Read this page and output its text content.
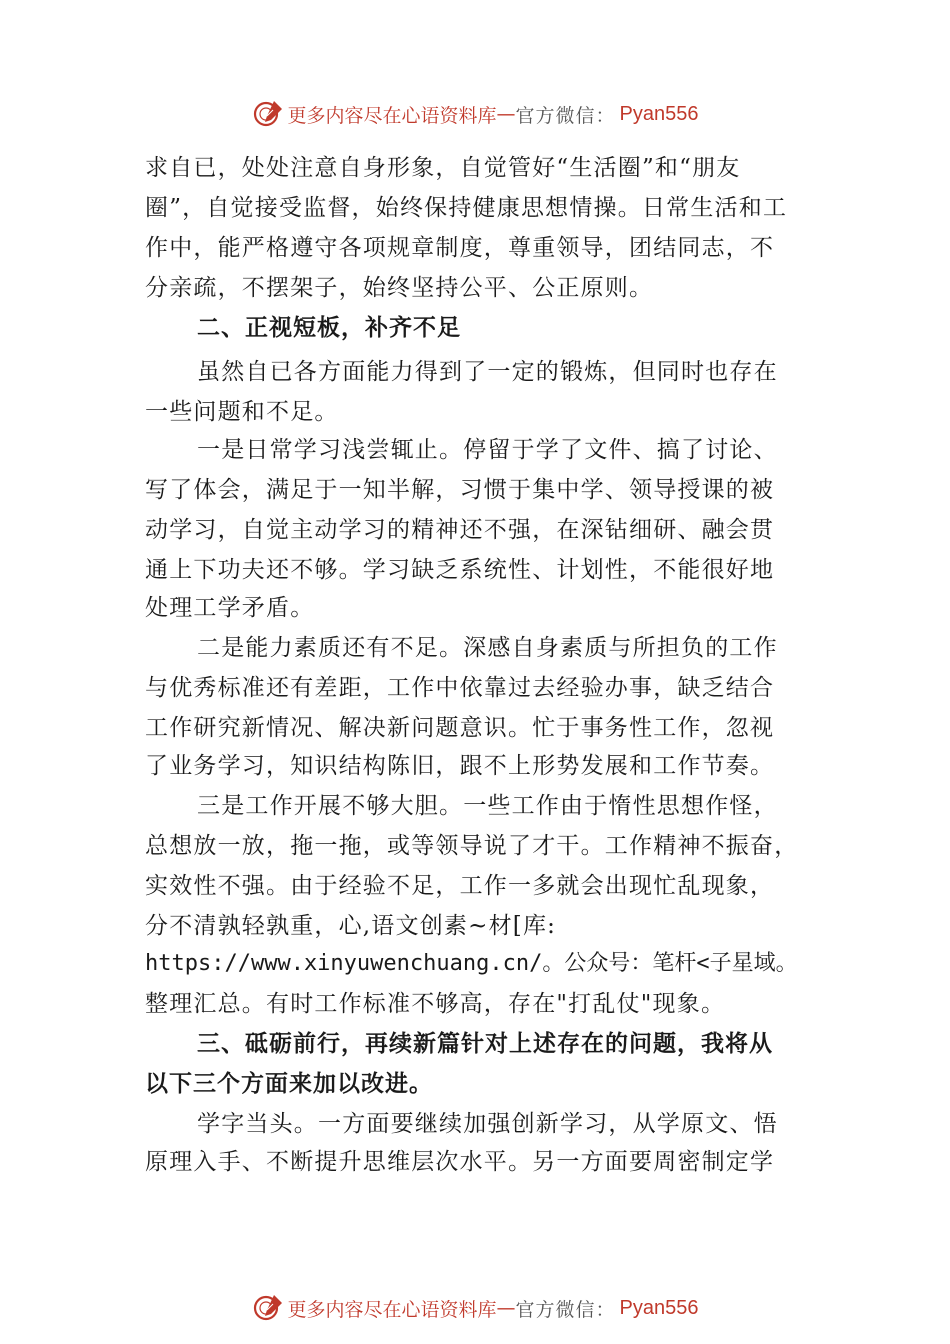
更多内容尽在心语资料库 — 官方微信： Pyan556
求自已，处处注意自身形象，自觉管好“生活圈”和“朋友
圈”，自觉接受监督，始终保持健康思想情操。日常生活和工
作中，能严格遵守各项规章制度，尊重领导，团结同志，不
分亲疏，不摆架子，始终坚持公平、公正原则。
二、正视短板，补齐不足
虽然自已各方面能力得到了一定的锻炼，但同时也存在
一些问题和不足。
一是日常学习浅尝辄止。停留于学了文件、搞了讨论、
写了体会，满足于一知半解，习惯于集中学、领导授课的被
动学习，自觉主动学习的精神还不强，在深钻细研、融会贯
通上下功夫还不够。学习缺乏系统性、计划性，不能很好地
处理工学矛盾。
二是能力素质还有不足。深感自身素质与所担负的工作
与优秀标准还有差距，工作中依靠过去经验办事，缺乏结合
工作研究新情况、解决新问题意识。忙于事务性工作，忽视
了业务学习，知识结构陈旧，跟不上形势发展和工作节奏。
三是工作开展不够大胆。一些工作由于惰性思想作怪，
总想放一放，拖一拖，或等领导说了才干。工作精神不振奋，
实效性不强。由于经验不足，工作一多就会出现忙乱现象，
分不清孰轻孰重，心,语文创素~材[库:
https://www.xinyuwenchuang.cn/。公众号：笔杆<子星域。
整理汇总。有时工作标准不够高，存在"打乱仗"现象。
三、砥砺前行，再续新篇针对上述存在的问题，我将从
以下三个方面来加以改进。
学字当头。一方面要继续加强创新学习，从学原文、悟
原理入手、不断提升思维层次水平。另一方面要周密制定学
更多内容尽在心语资料库 — 官方微信： Pyan556
